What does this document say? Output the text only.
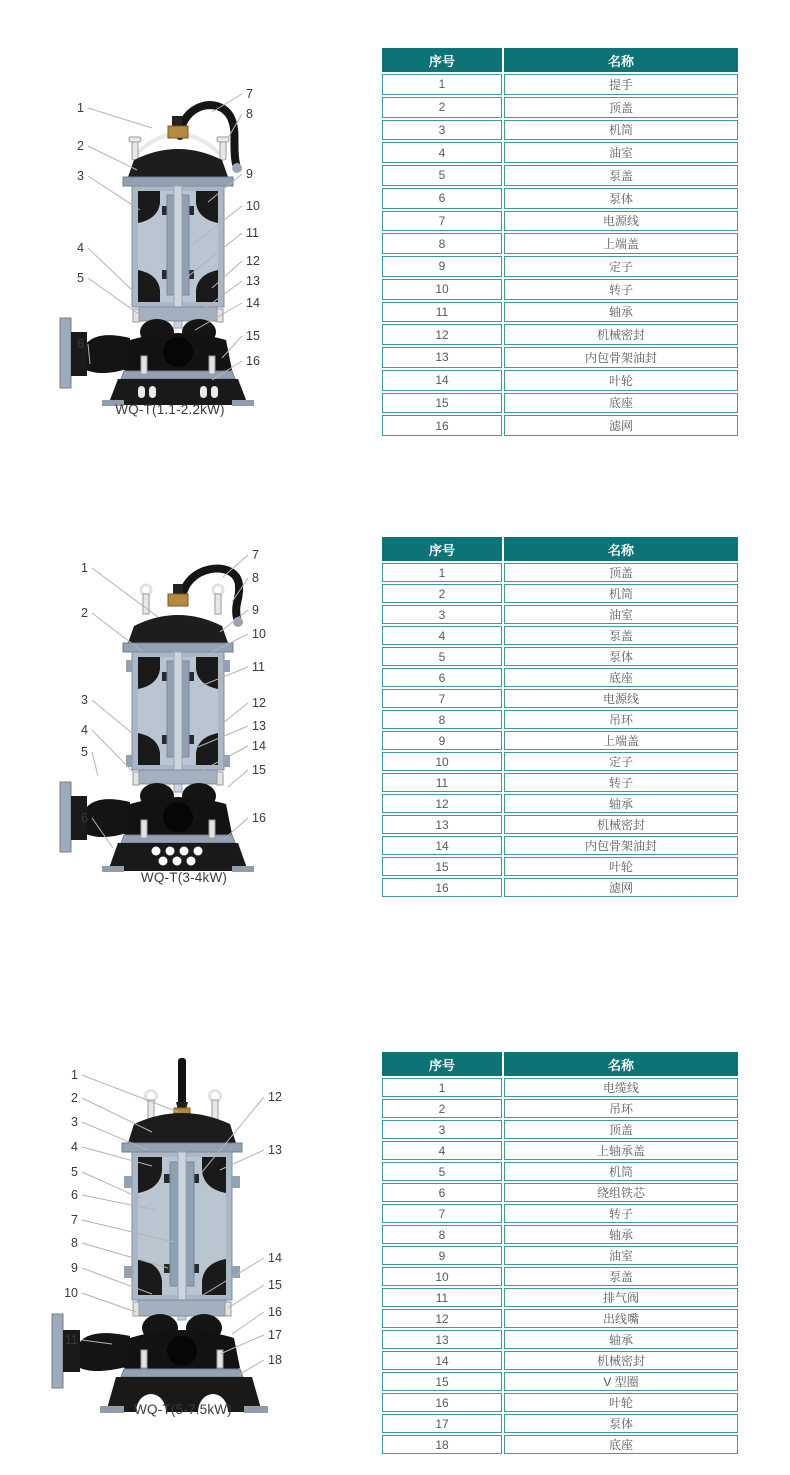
1
2
3
4
5
6
7
8
9
10
11
12
13
14
15
16
WQ-T(1.1-2.2kW)
序号	名称
1	提手
2	顶盖
3	机筒
4	油室
5	泵盖
6	泵体
7	电源线
8	上端盖
9	定子
10	转子
11	轴承
12	机械密封
13	内包骨架油封
14	叶轮
15	底座
16	滤网
1
2
3
4
5
6
7
8
9
10
11
12
13
14
15
16
WQ-T(3-4kW)
序号	名称
1	顶盖
2	机筒
3	油室
4	泵盖
5	泵体
6	底座
7	电源线
8	吊环
9	上端盖
10	定子
11	转子
12	轴承
13	机械密封
14	内包骨架油封
15	叶轮
16	滤网
1
2
3
4
5
6
7
8
9
10
11
12
13
14
15
16
17
18
WQ-T(5-7.5kW)
序号	名称
1	电缆线
2	吊环
3	顶盖
4	上轴承盖
5	机筒
6	绕组铁芯
7	转子
8	轴承
9	油室
10	泵盖
11	排气阀
12	出线嘴
13	轴承
14	机械密封
15	V 型圈
16	叶轮
17	泵体
18	底座
